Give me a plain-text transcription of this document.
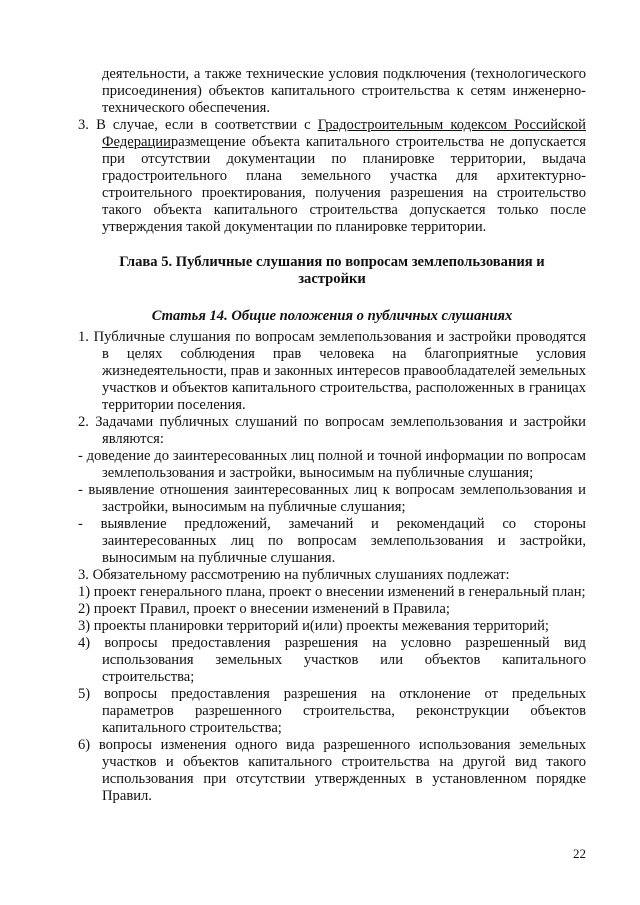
деятельности, а также технические условия подключения (технологического присоединения) объектов капитального строительства к сетям инженерно-технического обеспечения.

3. В случае, если в соответствии с Градостроительным кодексом Российской Федерацииразмещение объекта капитального строительства не допускается при отсутствии документации по планировке территории, выдача градостроительного плана земельного участка для архитектурно-строительного проектирования, получения разрешения на строительство такого объекта капитального строительства допускается только после утверждения такой документации по планировке территории.

Глава 5. Публичные слушания по вопросам землепользования и застройки

Статья 14. Общие положения о публичных слушаниях

1. Публичные слушания по вопросам землепользования и застройки проводятся в целях соблюдения прав человека на благоприятные условия жизнедеятельности, прав и законных интересов правообладателей земельных участков и объектов капитального строительства, расположенных в границах территории поселения.

2. Задачами публичных слушаний по вопросам землепользования и застройки являются:

- доведение до заинтересованных лиц полной и точной информации по вопросам землепользования и застройки, выносимым на публичные слушания;

- выявление отношения заинтересованных лиц к вопросам землепользования и застройки, выносимым на публичные слушания;

- выявление предложений, замечаний и рекомендаций со стороны заинтересованных лиц по вопросам землепользования и застройки, выносимым на публичные слушания.

3. Обязательному рассмотрению на публичных слушаниях подлежат:

1) проект генерального плана, проект о внесении изменений в генеральный план;

2) проект Правил, проект о внесении изменений в Правила;

3) проекты планировки территорий и(или) проекты межевания территорий;

4) вопросы предоставления разрешения на условно разрешенный вид использования земельных участков или объектов капитального строительства;

5) вопросы предоставления разрешения на отклонение от предельных параметров разрешенного строительства, реконструкции объектов капитального строительства;

6) вопросы изменения одного вида разрешенного использования земельных участков и объектов капитального строительства на другой вид такого использования при отсутствии утвержденных в установленном порядке Правил.

22
